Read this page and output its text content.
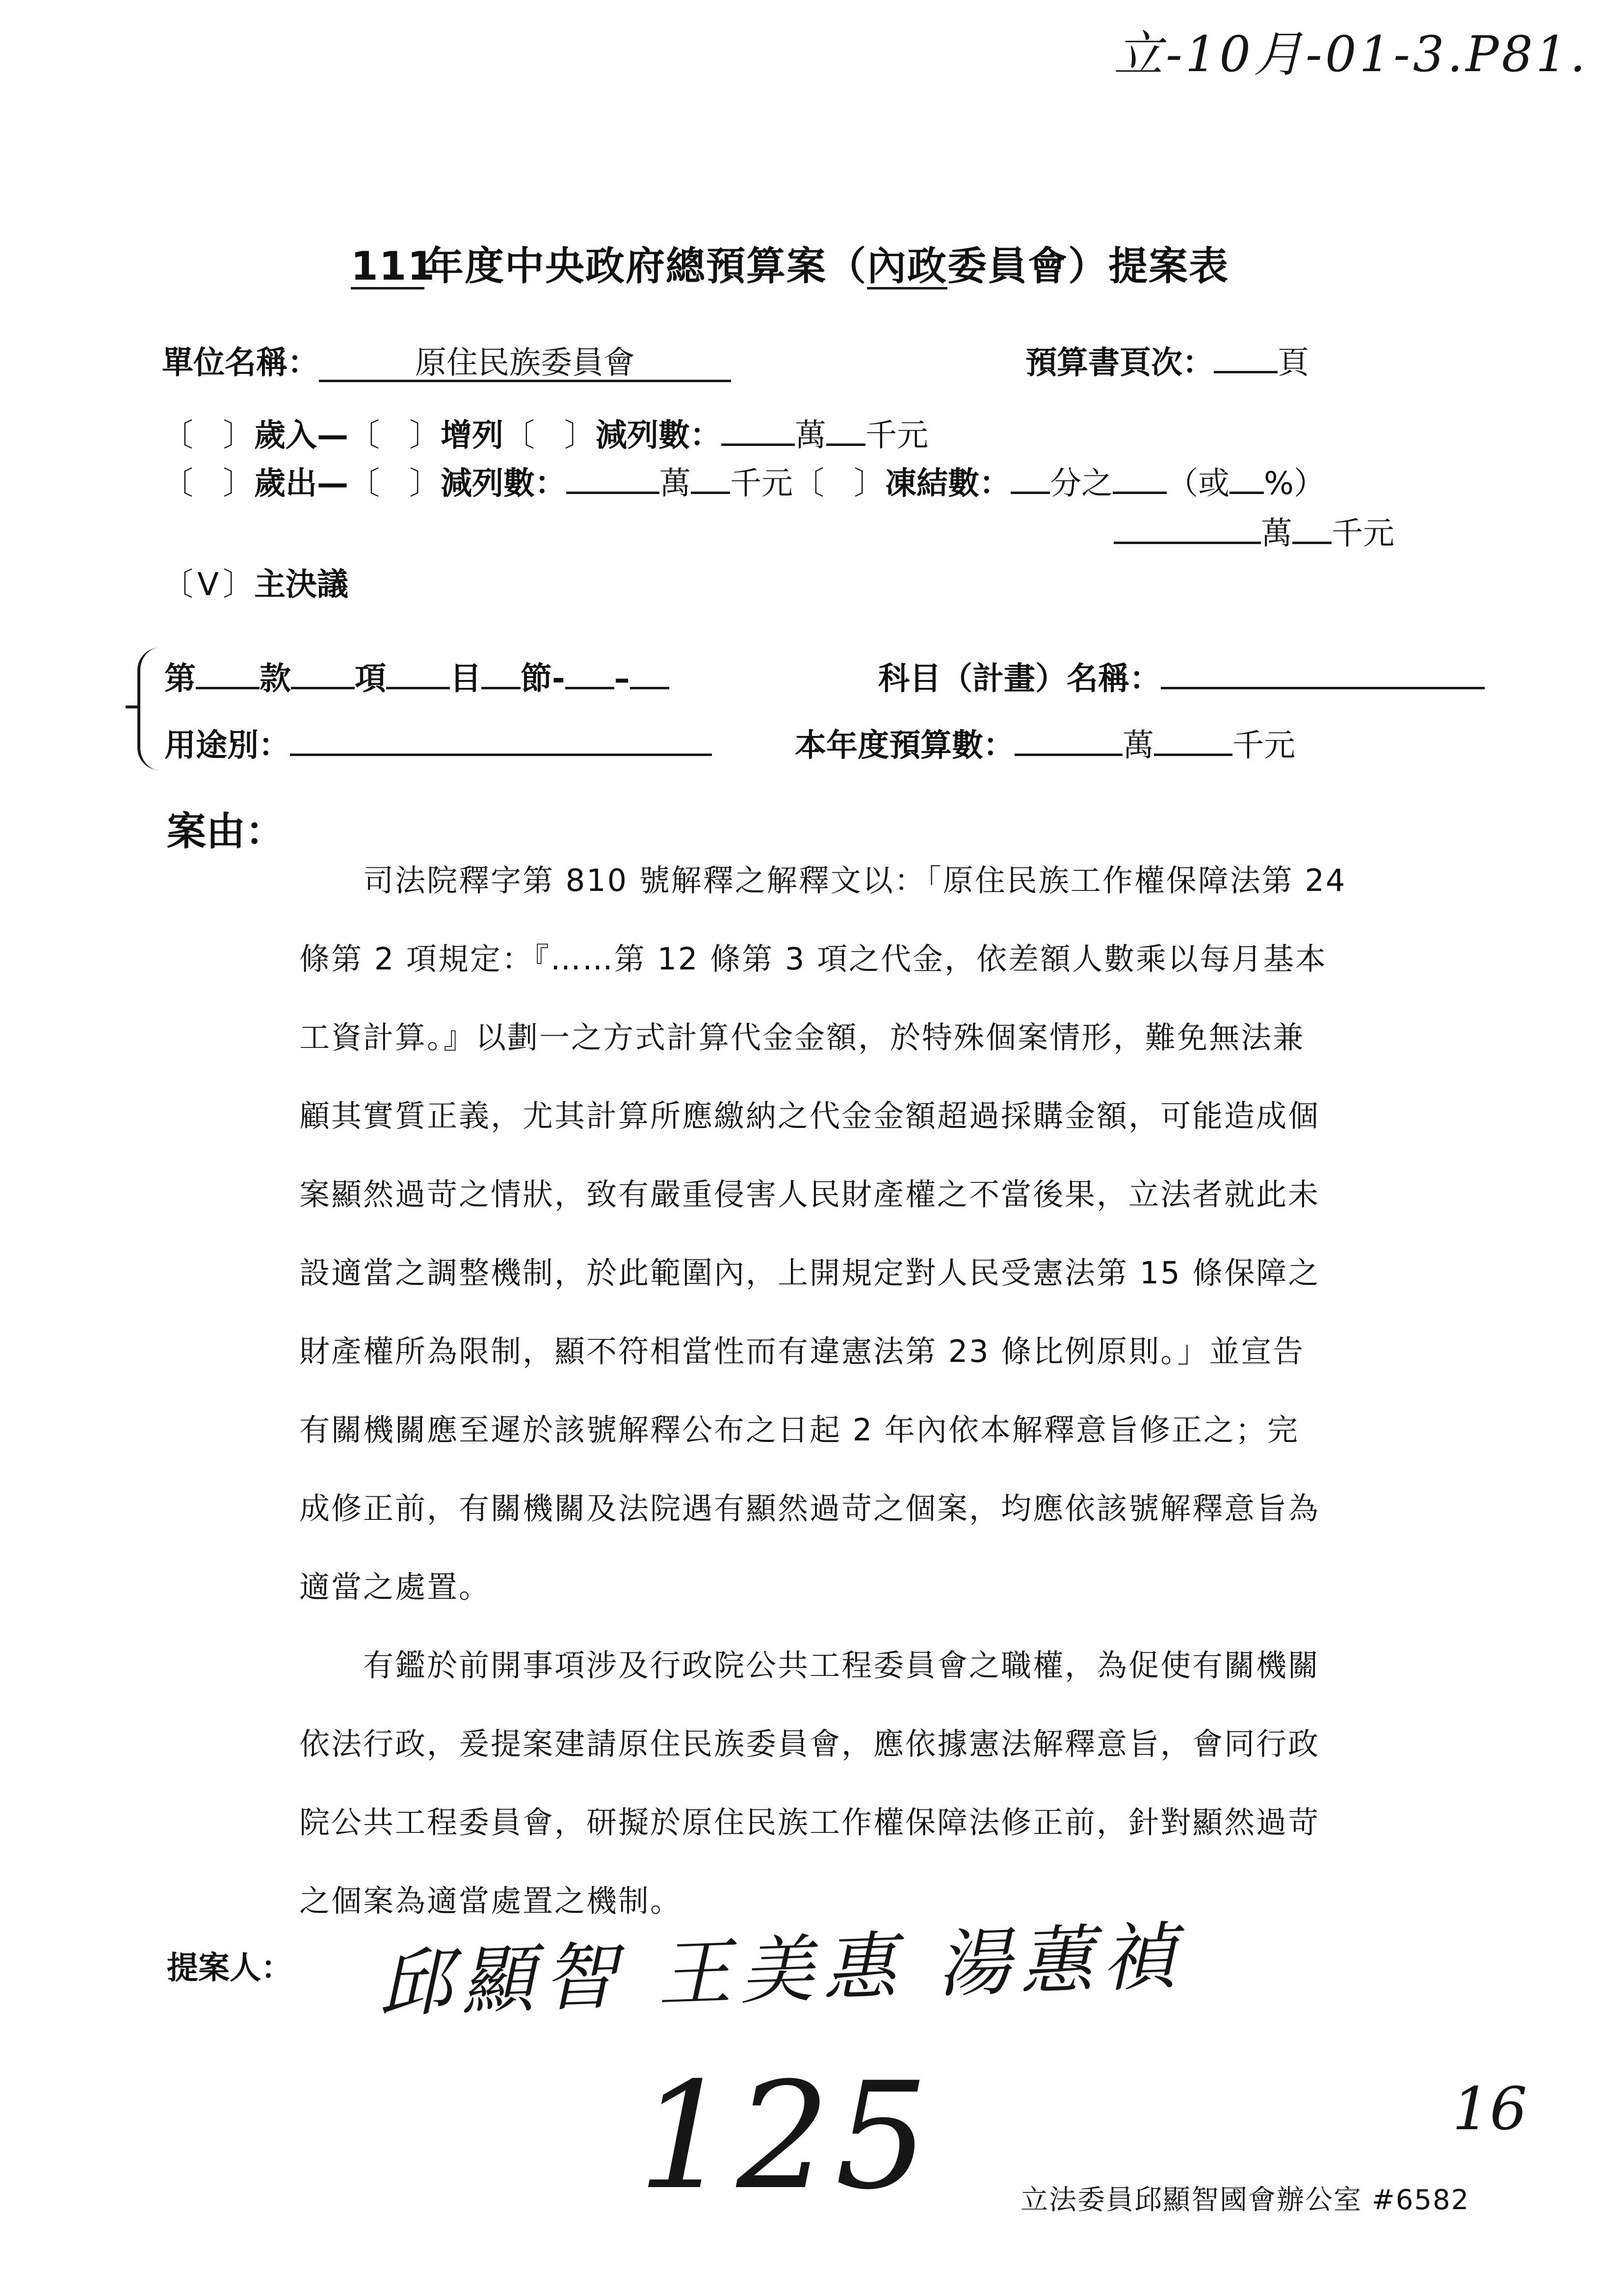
立-10月-01-3.P81.
111年度中央政府總預算案（內政委員會）提案表
單位名稱：	原住民族委員會	預算書頁次： 頁
〔 〕歲入—〔 〕增列〔 〕減列數： 萬 千元
〔 〕歲出—〔 〕減列數：	萬 千元〔 〕凍結數： 分之 （或 %）
萬 千元
〔 V 〕主決議
第 款 項 目 節- –	科目（計畫）名稱：
用途別：	本年度預算數：	萬	千元
案由：
司法院釋字第 810 號解釋之解釋文以：「原住民族工作權保障法第 24
條第 2 項規定：『……第 12 條第 3 項之代金，依差額人數乘以每月基本
工資計算。』以劃一之方式計算代金金額，於特殊個案情形，難免無法兼
顧其實質正義，尤其計算所應繳納之代金金額超過採購金額，可能造成個
案顯然過苛之情狀，致有嚴重侵害人民財產權之不當後果，立法者就此未
設適當之調整機制，於此範圍內，上開規定對人民受憲法第 15 條保障之
財產權所為限制，顯不符相當性而有違憲法第 23 條比例原則。」並宣告
有關機關應至遲於該號解釋公布之日起 2 年內依本解釋意旨修正之；完
成修正前，有關機關及法院遇有顯然過苛之個案，均應依該號解釋意旨為
適當之處置。
有鑑於前開事項涉及行政院公共工程委員會之職權，為促使有關機關
依法行政，爰提案建請原住民族委員會，應依據憲法解釋意旨，會同行政
院公共工程委員會，研擬於原住民族工作權保障法修正前，針對顯然過苛
之個案為適當處置之機制。
提案人： 邱顯智 王美惠 湯蕙禎
125	16
立法委員邱顯智國會辦公室 #6582
